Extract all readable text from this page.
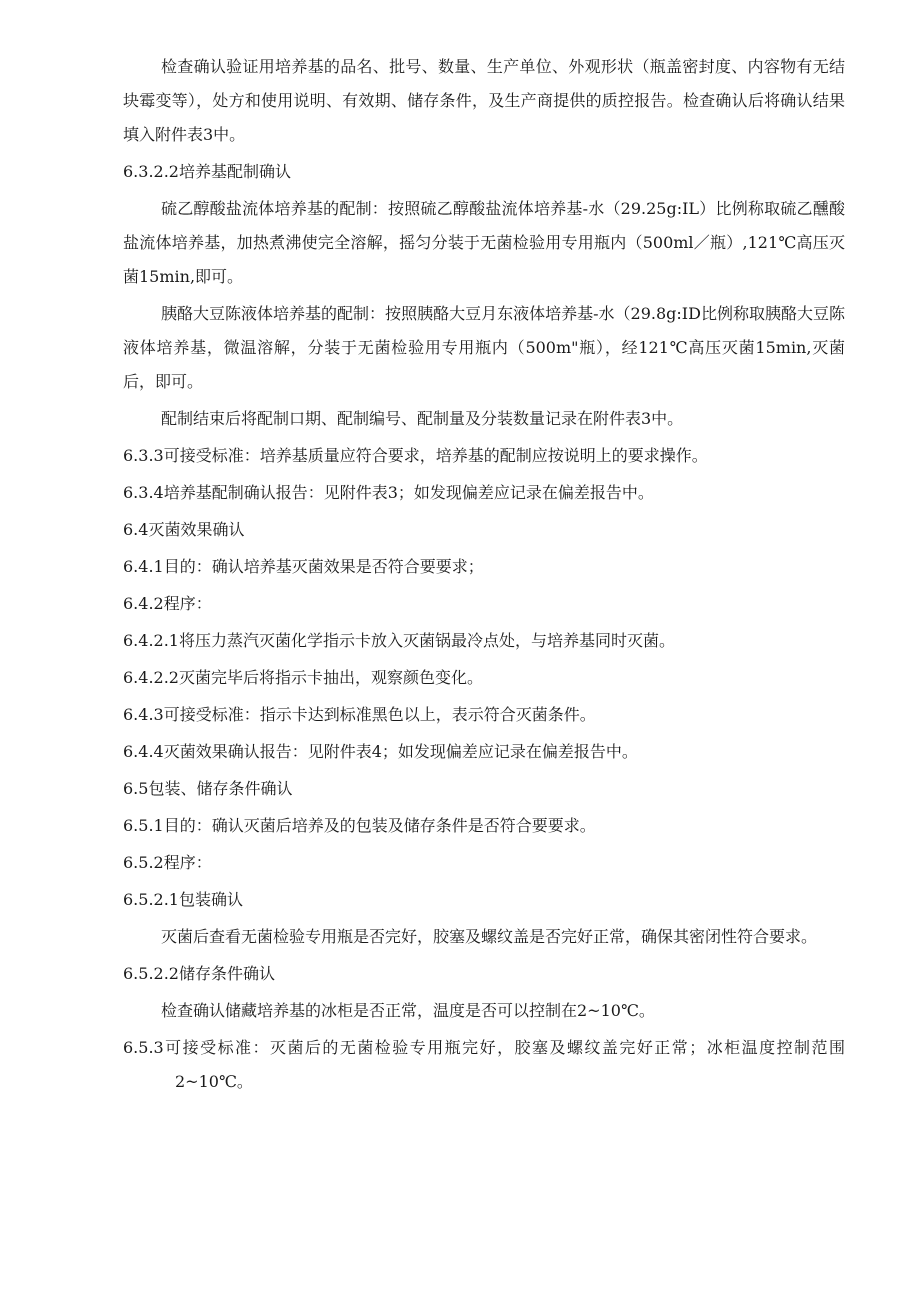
检查确认验证用培养基的品名、批号、数量、生产单位、外观形状（瓶盖密封度、内容物有无结块霉变等），处方和使用说明、有效期、储存条件，及生产商提供的质控报告。检查确认后将确认结果填入附件表3中。

6.3.2.2培养基配制确认

硫乙醇酸盐流体培养基的配制：按照硫乙醇酸盐流体培养基-水（29.25g:IL）比例称取硫乙醺酸盐流体培养基，加热煮沸使完全溶解，摇匀分装于无菌检验用专用瓶内（500ml／瓶）,121℃高压灭菌15min,即可。

胰酪大豆陈液体培养基的配制：按照胰酪大豆月东液体培养基-水（29.8g:ID比例称取胰酪大豆陈液体培养基，微温溶解，分装于无菌检验用专用瓶内（500m"瓶），经121℃高压灭菌15min,灭菌后，即可。

配制结束后将配制口期、配制编号、配制量及分装数量记录在附件表3中。

6.3.3可接受标准：培养基质量应符合要求，培养基的配制应按说明上的要求操作。

6.3.4培养基配制确认报告：见附件表3；如发现偏差应记录在偏差报告中。

6.4灭菌效果确认

6.4.1目的：确认培养基灭菌效果是否符合要要求；

6.4.2程序：

6.4.2.1将压力蒸汽灭菌化学指示卡放入灭菌锅最冷点处，与培养基同时灭菌。

6.4.2.2灭菌完毕后将指示卡抽出，观察颜色变化。

6.4.3可接受标准：指示卡达到标准黑色以上，表示符合灭菌条件。

6.4.4灭菌效果确认报告：见附件表4；如发现偏差应记录在偏差报告中。

6.5包装、储存条件确认

6.5.1目的：确认灭菌后培养及的包装及储存条件是否符合要要求。

6.5.2程序：

6.5.2.1包装确认

灭菌后查看无菌检验专用瓶是否完好，胶塞及螺纹盖是否完好正常，确保其密闭性符合要求。

6.5.2.2储存条件确认

检查确认储藏培养基的冰柜是否正常，温度是否可以控制在2~10℃。

6.5.3可接受标准：灭菌后的无菌检验专用瓶完好，胶塞及螺纹盖完好正常；冰柜温度控制范围2~10℃。
